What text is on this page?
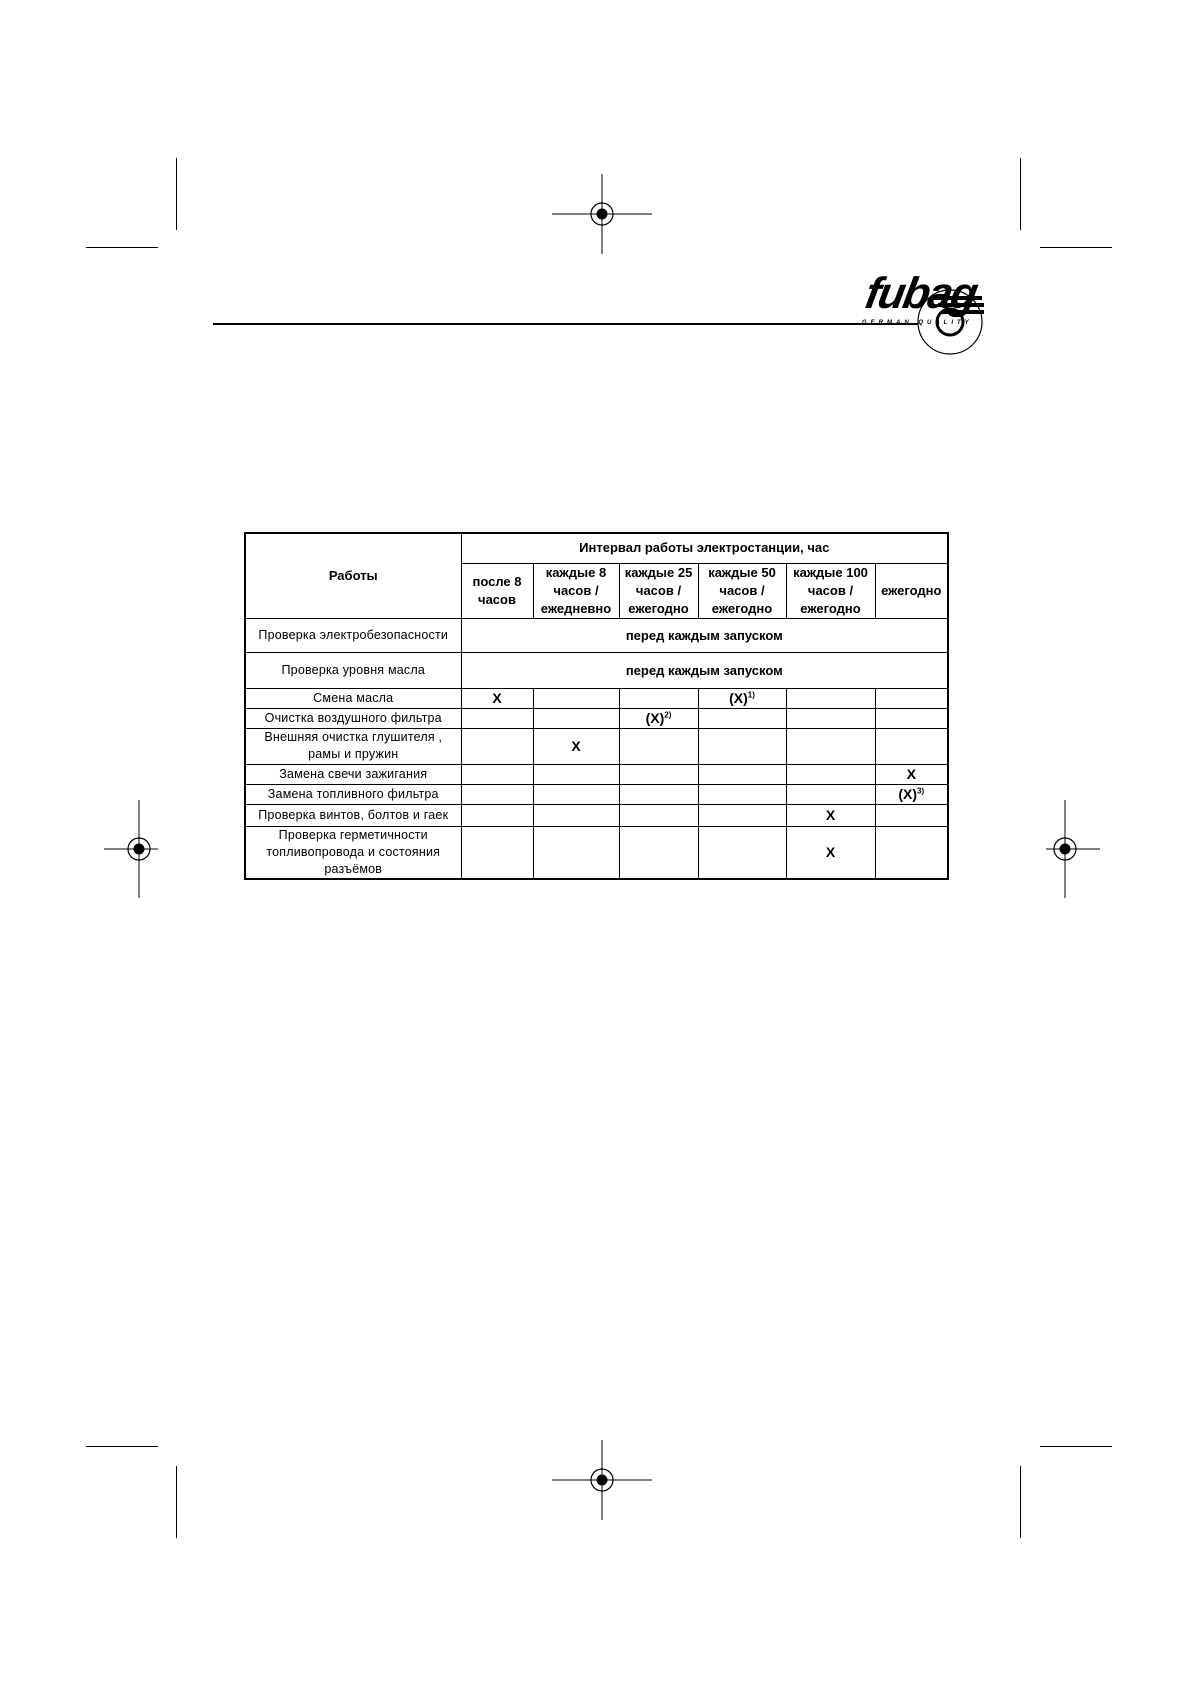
fubag
GERMAN QUALITY
Работы	Интервал работы электростанции, час					
	после 8 часов	каждые 8 часов / ежедневно	каждые 25 часов / ежегодно	каждые 50 часов / ежегодно	каждые 100 часов / ежегодно	ежегодно
Проверка электробезопасности	перед каждым запуском					
Проверка уровня масла	перед каждым запуском					
Смена масла	X			$(X)^{1)}$		
Очистка воздушного фильтра			$(X)^{2)}$			
Внешняя очистка глушителя , рамы и пружин		X				
Замена свечи зажигания						X
Замена топливного фильтра						$(X)^{3)}$
Проверка винтов, болтов и гаек					X	
Проверка герметичности топливопровода и состояния разъёмов					X	
